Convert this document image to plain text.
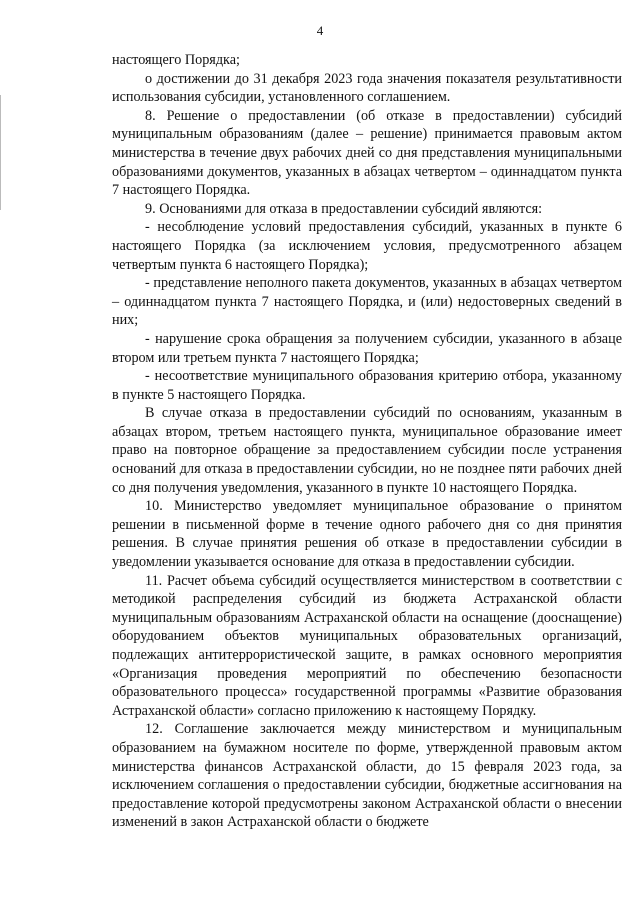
4

настоящего Порядка;

о достижении до 31 декабря 2023 года значения показателя результативности использования субсидии, установленного соглашением.

8. Решение о предоставлении (об отказе в предоставлении) субсидий муниципальным образованиям (далее – решение) принимается правовым актом министерства в течение двух рабочих дней со дня представления муниципальными образованиями документов, указанных в абзацах четвертом – одиннадцатом пункта 7 настоящего Порядка.

9. Основаниями для отказа в предоставлении субсидий являются:

- несоблюдение условий предоставления субсидий, указанных в пункте 6 настоящего Порядка (за исключением условия, предусмотренного абзацем четвертым пункта 6 настоящего Порядка);

- представление неполного пакета документов, указанных в абзацах четвертом – одиннадцатом пункта 7 настоящего Порядка, и (или) недостоверных сведений в них;

- нарушение срока обращения за получением субсидии, указанного в абзаце втором или третьем пункта 7 настоящего Порядка;

- несоответствие муниципального образования критерию отбора, указанному в пункте 5 настоящего Порядка.

В случае отказа в предоставлении субсидий по основаниям, указанным в абзацах втором, третьем настоящего пункта, муниципальное образование имеет право на повторное обращение за предоставлением субсидии после устранения оснований для отказа в предоставлении субсидии, но не позднее пяти рабочих дней со дня получения уведомления, указанного в пункте 10 настоящего Порядка.

10. Министерство уведомляет муниципальное образование о принятом решении в письменной форме в течение одного рабочего дня со дня принятия решения. В случае принятия решения об отказе в предоставлении субсидии в уведомлении указывается основание для отказа в предоставлении субсидии.

11. Расчет объема субсидий осуществляется министерством в соответствии с методикой распределения субсидий из бюджета Астраханской области муниципальным образованиям Астраханской области на оснащение (дооснащение) оборудованием объектов муниципальных образовательных организаций, подлежащих антитеррористической защите, в рамках основного мероприятия «Организация проведения мероприятий по обеспечению безопасности образовательного процесса» государственной программы «Развитие образования Астраханской области» согласно приложению к настоящему Порядку.

12. Соглашение заключается между министерством и муниципальным образованием на бумажном носителе по форме, утвержденной правовым актом министерства финансов Астраханской области, до 15 февраля 2023 года, за исключением соглашения о предоставлении субсидии, бюджетные ассигнования на предоставление которой предусмотрены законом Астраханской области о внесении изменений в закон Астраханской области о бюджете
